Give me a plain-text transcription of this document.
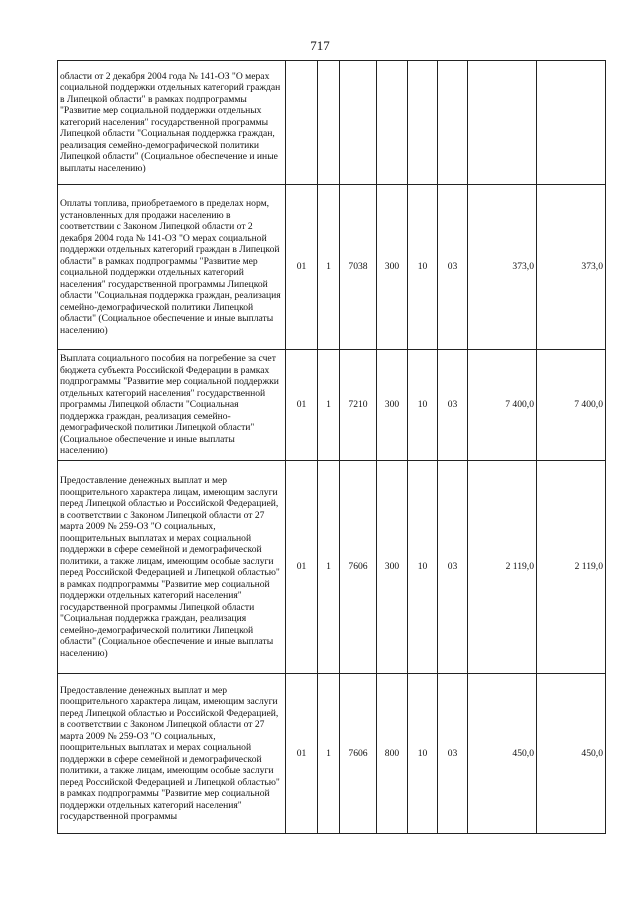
717
области от 2 декабря 2004 года № 141-ОЗ "О мерах социальной поддержки отдельных категорий граждан в Липецкой области" в рамках подпрограммы "Развитие мер социальной поддержки отдельных категорий населения" государственной программы Липецкой области "Социальная поддержка граждан, реализация семейно-демографической политики Липецкой области" (Социальное обеспечение и иные выплаты населению)								
Оплаты топлива, приобретаемого в пределах норм, установленных для продажи населению в соответствии с Законом Липецкой области от 2 декабря 2004 года № 141-ОЗ "О мерах социальной поддержки отдельных категорий граждан в Липецкой области" в рамках подпрограммы "Развитие мер социальной поддержки отдельных категорий населения" государственной программы Липецкой области "Социальная поддержка граждан, реализация семейно-демографической политики Липецкой области" (Социальное обеспечение и иные выплаты населению)	01	1	7038	300	10	03	373,0	373,0
Выплата социального пособия на погребение за счет бюджета субъекта Российской Федерации в рамках подпрограммы "Развитие мер социальной поддержки отдельных категорий населения" государственной программы Липецкой области "Социальная поддержка граждан, реализация семейно-демографической политики Липецкой области" (Социальное обеспечение и иные выплаты населению)	01	1	7210	300	10	03	7 400,0	7 400,0
Предоставление денежных выплат и мер поощрительного характера лицам, имеющим заслуги перед Липецкой областью и Российской Федерацией, в соответствии с Законом Липецкой области от 27 марта 2009 № 259-ОЗ "О социальных, поощрительных выплатах и мерах социальной поддержки в сфере семейной и демографической политики, а также лицам, имеющим особые заслуги перед Российской Федерацией и Липецкой областью" в рамках подпрограммы "Развитие мер социальной поддержки отдельных категорий населения" государственной программы Липецкой области "Социальная поддержка граждан, реализация семейно-демографической политики Липецкой области" (Социальное обеспечение и иные выплаты населению)	01	1	7606	300	10	03	2 119,0	2 119,0
Предоставление денежных выплат и мер поощрительного характера лицам, имеющим заслуги перед Липецкой областью и Российской Федерацией, в соответствии с Законом Липецкой области от 27 марта 2009 № 259-ОЗ "О социальных, поощрительных выплатах и мерах социальной поддержки в сфере семейной и демографической политики, а также лицам, имеющим особые заслуги перед Российской Федерацией и Липецкой областью" в рамках подпрограммы "Развитие мер социальной поддержки отдельных категорий населения" государственной программы	01	1	7606	800	10	03	450,0	450,0
